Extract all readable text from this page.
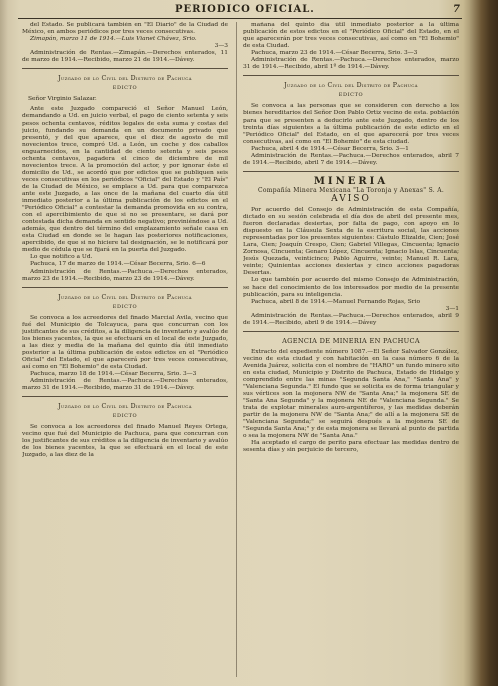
PERIODICO OFICIAL.	7

del Estado. Se publicará también en "El Diario" de la Ciudad de México, en ambos periódicos por tres veces consecutivas.

Zimapán, marzo 11 de 1914.—Luis Vianet Chávez, Srio.

3—3

Administración de Rentas.—Zimapán.—Derechos enterados, 11 de marzo de 1914.—Recibido, marzo 21 de 1914.—Dávey.

Juzgado de lo Civil del Distrito de Pachuca
EDICTO

Señor Virginio Salazar.

Ante este Juzgado compareció el Señor Manuel León, demandando a Ud. en juicio verbal, el pago de ciento setenta y seis pesos ochenta centavos, réditos legales de esta suma y costas del juicio, fundando su demanda en un documento privado que presentó, y del que aparece, que el diez de agosto de mil novecientos trece, compró Ud. a León, un coche y dos caballos enguarnecidos, en la cantidad de ciento setenta y seis pesos ochenta centavos, pagadera el cinco de diciembre de mil novecientos trece. A la promoción del actor, y por ignorar éste el domicilio de Ud., se acordó que por edictos que se publiquen seis veces consecutivas en los periódicos "Oficial" del Estado y "El País" de la Ciudad de México, se emplace a Ud. para que comparezca ante este Juzgado, a las once de la mañana del cuarto día útil inmediato posterior a la última publicación de los edictos en el "Periódico Oficial" a contestar la demanda promovida en su contra, con el apercibimiento de que si no se presentare, se dará por contestada dicha demanda en sentido negativo; previniéndose a Ud. además, que dentro del término del emplazamiento señale casa en esta Ciudad en donde se le hagan las posteriores notificaciones, apercibido, de que si no hiciere tal designación, se le notificará por medio de cédula que se fijará en la puerta del Juzgado.

Lo que notifico a Ud.

Pachuca, 17 de marzo de 1914.—César Becerra, Srio. 6—6

Administración de Rentas.—Pachuca.—Derechos enterados, marzo 23 de 1914.—Recibido, marzo 23 de 1914.—Dávey.

Juzgado de lo Civil del Distrito de Pachuca
EDICTO

Se convoca a los acreedores del finado Marcial Avila, vecino que fué del Municipio de Tolcayuca, para que concurran con los justificantes de sus créditos, a la diligencia de inventario y avalúo de los bienes yacentes, la que se efectuará en el local de este Juzgado, a las diez y media de la mañana del quinto día útil inmediato posterior a la última publicación de estos edictos en el "Periódico Oficial" del Estado, el que aparecerá por tres veces consecutivas, así como en "El Bohemio" de esta Ciudad.

Pachuca, marzo 18 de 1914.—César Becerra, Srio. 3—3

Administración de Rentas.—Pachuca.—Derechos enterados, marzo 31 de 1914.—Recibido, marzo 31 de 1914.—Dávey.

Juzgado de lo Civil del Distrito de Pachuca
EDICTO

Se convoca a los acreedores del finado Manuel Reyes Ortega, vecino que fué del Municipio de Pachuca, para que concurran con los justificantes de sus créditos a la diligencia de inventario y avalúo de los bienes yacentes, la que se efectuará en el local de este Juzgado, a las diez de la

mañana del quinto día útil inmediato posterior a la última publicación de estos edictos en el "Periódico Oficial" del Estado, en el que aparecerán por tres veces consecutivas, así como en "El Bohemio" de esta Ciudad.

Pachuca, marzo 23 de 1914.—César Becerra, Srio. 3—3

Administración de Rentas.—Pachuca.—Derechos enterados, marzo 31 de 1914.—Recibido, abril 1º de 1914.—Dávey.

Juzgado de lo Civil del Distrito de Pachuca
EDICTO

Se convoca a las personas que se consideren con derecho a los bienes hereditarios del Señor Don Pablo Ortiz vecino de esta. población para que se presenten a deducirlo ante este Juzgado, dentro de los treinta días siguientes a la última publicación de este edicto en el "Periódico Oficial" del Estado, en el que aparecerá por tres veces consecutivas, así como en "El Bohemio" de esta ciudad.

Pachuca, abril 4 de 1914.—César Becerra, Srio. 3—1

Administración de Rentas.—Pachuca.—Derechos enterados, abril 7 de 1914.—Recibido, abril 7 de 1914.—Dávey.

MINERIA
Compañía Minera Mexicana "La Toronja y Anexas" S. A.
AVISO

Por acuerdo del Consejo de Administración de esta Compañía, dictado en su sesión celebrada el día dos de abril del presente mes, fueron declaradas desiertas, por falta de pago, con apoyo en lo dispuesto en la Cláusula Sexta de la escritura social, las acciones representadas por los presentes siguientes: Cástulo Elizalde, Cien; José Lara, Cien; Joaquín Crespo, Cien; Gabriel Villegas, Cincuenta; Ignacio Zornosa, Cincuenta; Genaro López, Cincuenta; Ignacio Islas, Cincuenta; Jesús Quezada, veinticinco; Pablo Aguirre, veinte; Manuel R. Lara, veinte; Quinientas acciones desiertas y cinco acciones pagadoras Desertas.

Lo que también por acuerdo del mismo Consejo de Administración, se hace del conocimiento de los interesados por medio de la presente publicación, para su inteligencia.

Pachuca, abril 8 de 1914.—Manuel Fernando Rojas, Srio

3—1

Administración de Rentas.—Pachuca.—Derechos enterados, abril 9 de 1914.—Recibido, abril 9 de 1914.—Dávey

AGENCIA DE MINERIA EN PACHUCA

Extracto del expediente número 1087.—El Señor Salvador González, vecino de esta ciudad y con habitación en la casa número 6 de la Avenida Juárez, solicita con el nombre de "HARO" un fundo minero sito en esta ciudad, Municipio y Distrito de Pachuca, Estado de Hidalgo y comprendido entre las minas "Segunda Santa Ana," "Santa Ana" y "Valenciana Segunda." El fundo que se solicita es de forma triangular y sus vértices son la mojonera NW de "Santa Ana;" la mojonera SE de "Santa Ana Segunda" y la mojonera NE de "Valenciana Segunda." Se trata de explotar minerales auro-argentíferos, y las medidas deberán partir de la mojonera NW de "Santa Ana;" de allí a la mojonera SE de "Valenciana Segunda;" se seguirá después a la mojonera SE de "Segunda Santa Ana;" y de esta mojonera se llevará al punto de partida o sea la mojonera NW de "Santa Ana."

Ha aceptado el cargo de perito para efectuar las medidas dentro de sesenta días y sin perjuicio de tercero,
